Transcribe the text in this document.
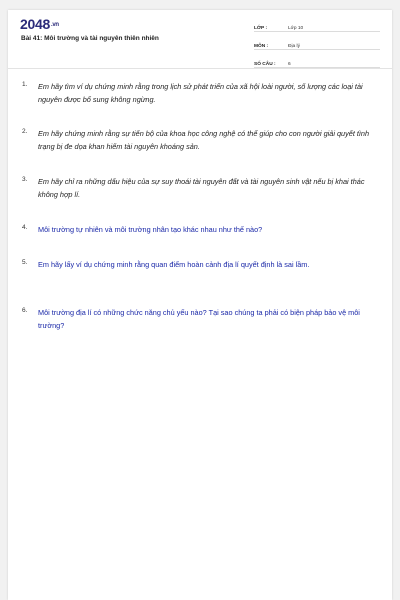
2048.vn
Bài 41: Môi trường và tài nguyên thiên nhiên
LỚP :	Lớp 10
MÔN :	Địa lý
SỐ CÂU :	6
1. Em hãy tìm ví dụ chứng minh rằng trong lịch sử phát triển của xã hội loài người, số lượng các loại tài nguyên được bổ sung không ngừng.
2. Em hãy chứng minh rằng sự tiến bộ của khoa học công nghệ có thể giúp cho con người giải quyết tình trạng bị đe dọa khan hiếm tài nguyên khoáng sản.
3. Em hãy chỉ ra những dấu hiệu của sự suy thoái tài nguyên đất và tài nguyên sinh vật nếu bị khai thác không hợp lí.
4. Môi trường tự nhiên và môi trường nhân tạo khác nhau như thế nào?
5. Em hãy lấy ví dụ chứng minh rằng quan điểm hoàn cảnh địa lí quyết định là sai lầm.
6. Môi trường địa lí có những chức năng chủ yếu nào? Tại sao chúng ta phải có biện pháp bảo vệ môi trường?
